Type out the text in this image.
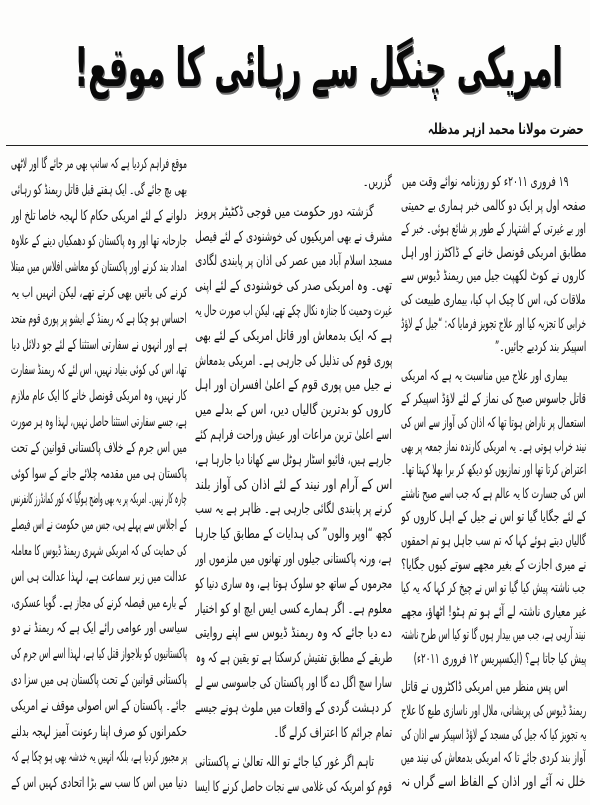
امریکی چنگل سے رہائی کا موقع!
حضرت مولانا محمد ازہر مدظلہ
۱۹ فروری ۲۰۱۱ء کو روزنامہ نوائے وقت میں
صفحہ اول پر ایک دو کالمی خبر ہماری بے حمیتی
اور بے غیرتی کے اشتہار کے طور پر شائع ہوئی۔ خبر کے
مطابق امریکی قونصل خانے کے ڈاکٹرز اور اہل
کاروں نے کوٹ لکھپت جیل میں ریمنڈ ڈیوس سے
ملاقات کی، اس کا چیک اپ کیا، بیماری طبیعت کی
خرابی کا تجزیہ کیا اور علاج تجویز فرمایا کہ: “جیل کے لاؤڈ
اسپیکر بند کردیے جائیں۔”
بیماری اور علاج میں مناسبت یہ ہے کہ امریکی
قاتل جاسوس صبح کی نماز کے لئے لاؤڈ اسپیکر کے
استعمال پر ناراض ہوتا تھا کہ اذان کی آواز سے اس کی
نیند خراب ہوتی ہے۔ یہ امریکی کارندہ نماز جمعہ پر بھی
اعتراض کرتا تھا اور نمازیوں کو دیکھ کر برا بھلا کہتا تھا۔
اس کی جسارت کا یہ عالم ہے کہ جب اسے صبح ناشتے
کے لئے جگایا گیا تو اس نے جیل کے اہل کاروں کو
گالیاں دیتے ہوئے کہا کہ تم سب جاہل ہو تم احمقوں
نے میری اجازت کے بغیر مجھے سوتے کیوں جگایا؟
جب ناشتہ پیش کیا گیا تو اس نے چیخ کر کہا کہ یہ کیا
غیر معیاری ناشتہ لے آئے ہو تم ہٹو! اٹھاؤ، مجھے
نیند آرہی ہے، جب میں بیدار ہوں گا تو کیا اس طرح ناشتہ
پیش کیا جاتا ہے؟ (ایکسپریس ۱۲ فروری ۲۰۱۱ء)
اس پس منظر میں امریکی ڈاکٹروں نے قاتل
ریمنڈ ڈیوس کی پریشانی، ملال اور ناسازی طبع کا علاج
یہ تجویز کیا کہ جیل کی مسجد کے لاؤڈ اسپیکر سے اذان کی
آواز بند کردی جائے تا کہ امریکی بدمعاش کی نیند میں
خلل نہ آئے اور اذان کے الفاظ اسے گراں نہ
گزریں۔
گزشتہ دور حکومت میں فوجی ڈکٹیٹر پرویز
مشرف نے بھی امریکیوں کی خوشنودی کے لئے فیصل
مسجد اسلام آباد میں عصر کی اذان پر پابندی لگادی
تھی۔ وہ امریکی صدر کی خوشنودی کے لئے اپنی
غیرت وحمیت کا جنازہ نکال چکے تھے، لیکن اب صورت حال یہ
ہے کہ ایک بدمعاش اور قاتل امریکی کے لئے بھی
پوری قوم کی تذلیل کی جارہی ہے۔ امریکی بدمعاش
نے جیل میں پوری قوم کے اعلیٰ افسران اور اہل
کاروں کو بدترین گالیاں دیں، اس کے بدلے میں
اسے اعلیٰ ترین مراعات اور عیش وراحت فراہم کئے
جارہے ہیں، فائیو اسٹار ہوٹل سے کھانا دیا جارہا ہے،
اس کے آرام اور نیند کے لئے اذان کی آواز بلند
کرنے پر پابندی لگائی جارہی ہے۔ ظاہر ہے یہ سب
کچھ “اوپر والوں” کی ہدایات کے مطابق کیا جارہا
ہے، ورنہ پاکستانی جیلوں اور تھانوں میں ملزموں اور
مجرموں کے ساتھ جو سلوک ہوتا ہے، وہ ساری دنیا کو
معلوم ہے۔ اگر ہمارے کسی ایس ایچ او کو اختیار
دے دیا جائے کہ وہ ریمنڈ ڈیوس سے اپنے روایتی
طریقے کے مطابق تفتیش کرسکتا ہے تو یقین ہے کہ وہ
سارا سچ اگل دے گا اور پاکستان کی جاسوسی سے لے
کر دہشت گردی کے واقعات میں ملوث ہونے جیسے
تمام جرائم کا اعتراف کرلے گا۔
تاہم اگر غور کیا جائے تو اللہ تعالیٰ نے پاکستانی
قوم کو امریکہ کی غلامی سے نجات حاصل کرنے کا ایسا
موقع فراہم کردیا ہے کہ سانپ بھی مر جائے گا اور لاٹھی
بھی بچ جائے گی۔ ایک ہفتے قبل قاتل ریمنڈ کو رہائی
دلوانے کے لئے امریکی حکام کا لہجہ خاصا تلخ اور
جارحانہ تھا اور وہ پاکستان کو دھمکیاں دینے کے علاوہ
امداد بند کرنے اور پاکستان کو معاشی افلاس میں مبتلا
کرنے کی باتیں بھی کرتے تھے، لیکن انہیں اب یہ
احساس ہو چکا ہے کہ ریمنڈ کے ایشو پر پوری قوم متحد
ہے اور انہوں نے سفارتی استثنا کے لئے جو دلائل دیا
تھا، اس کی کوئی بنیاد نہیں، اس لئے کہ ریمنڈ سفارت
کار نہیں، وہ امریکی قونصل خانے کا ایک عام ملازم
ہے، جسے سفارتی استثنا حاصل نہیں، لہذا وہ ہر صورت
میں اس جرم کے خلاف پاکستانی قوانین کے تحت
پاکستان ہی میں مقدمہ چلائے جانے کے سوا کوئی
چارہ کار نہیں۔ امریکہ پر یہ بھی واضح ہوگیا کہ کور کمانڈرز کانفرنس
کے اجلاس سے پہلے ہی، جس میں حکومت نے اس فیصلے
کی حمایت کی کہ امریکی شہری ریمنڈ ڈیوس کا معاملہ
عدالت میں زیر سماعت ہے، لہذا عدالت ہی اس
کے بارے میں فیصلہ کرنے کی مجاز ہے۔ گویا عسکری،
سیاسی اور عوامی رائے ایک ہے کہ ریمنڈ نے دو
پاکستانیوں کو بلاجواز قتل کیا ہے، لہذا اسے اس جرم کی
پاکستانی قوانین کے تحت پاکستان ہی میں سزا دی
جائے۔ پاکستان کے اس اصولی موقف نے امریکی
حکمرانوں کو صرف اپنا رعونت آمیز لہجہ بدلنے
پر مجبور کردیا ہے، بلکہ انہیں یہ خدشہ بھی ہو چکا ہے کہ
دنیا میں اس کا سب سے بڑا اتحادی کہیں اس کے
